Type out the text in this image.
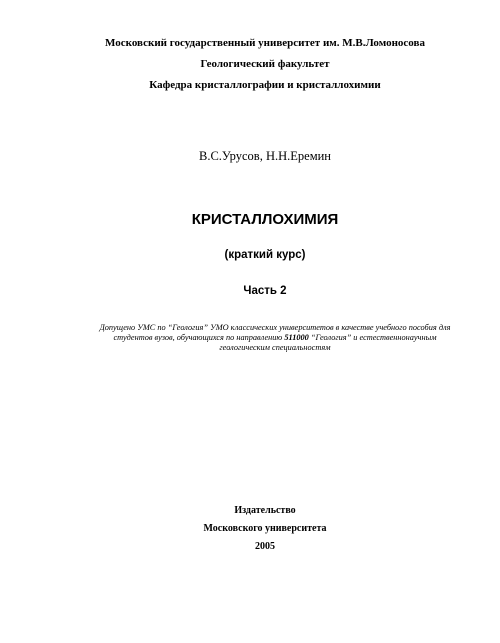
Московский государственный университет им. М.В.Ломоносова
Геологический факультет
Кафедра кристаллографии и кристаллохимии
В.С.Урусов, Н.Н.Еремин
КРИСТАЛЛОХИМИЯ
(краткий курс)
Часть 2
Допущено УМС по “Геология” УМО классических университетов в качестве учебного пособия для студентов вузов, обучающихся по направлению 511000 “Геология” и естественнонаучным геологическим специальностям
Издательство
Московского университета
2005
